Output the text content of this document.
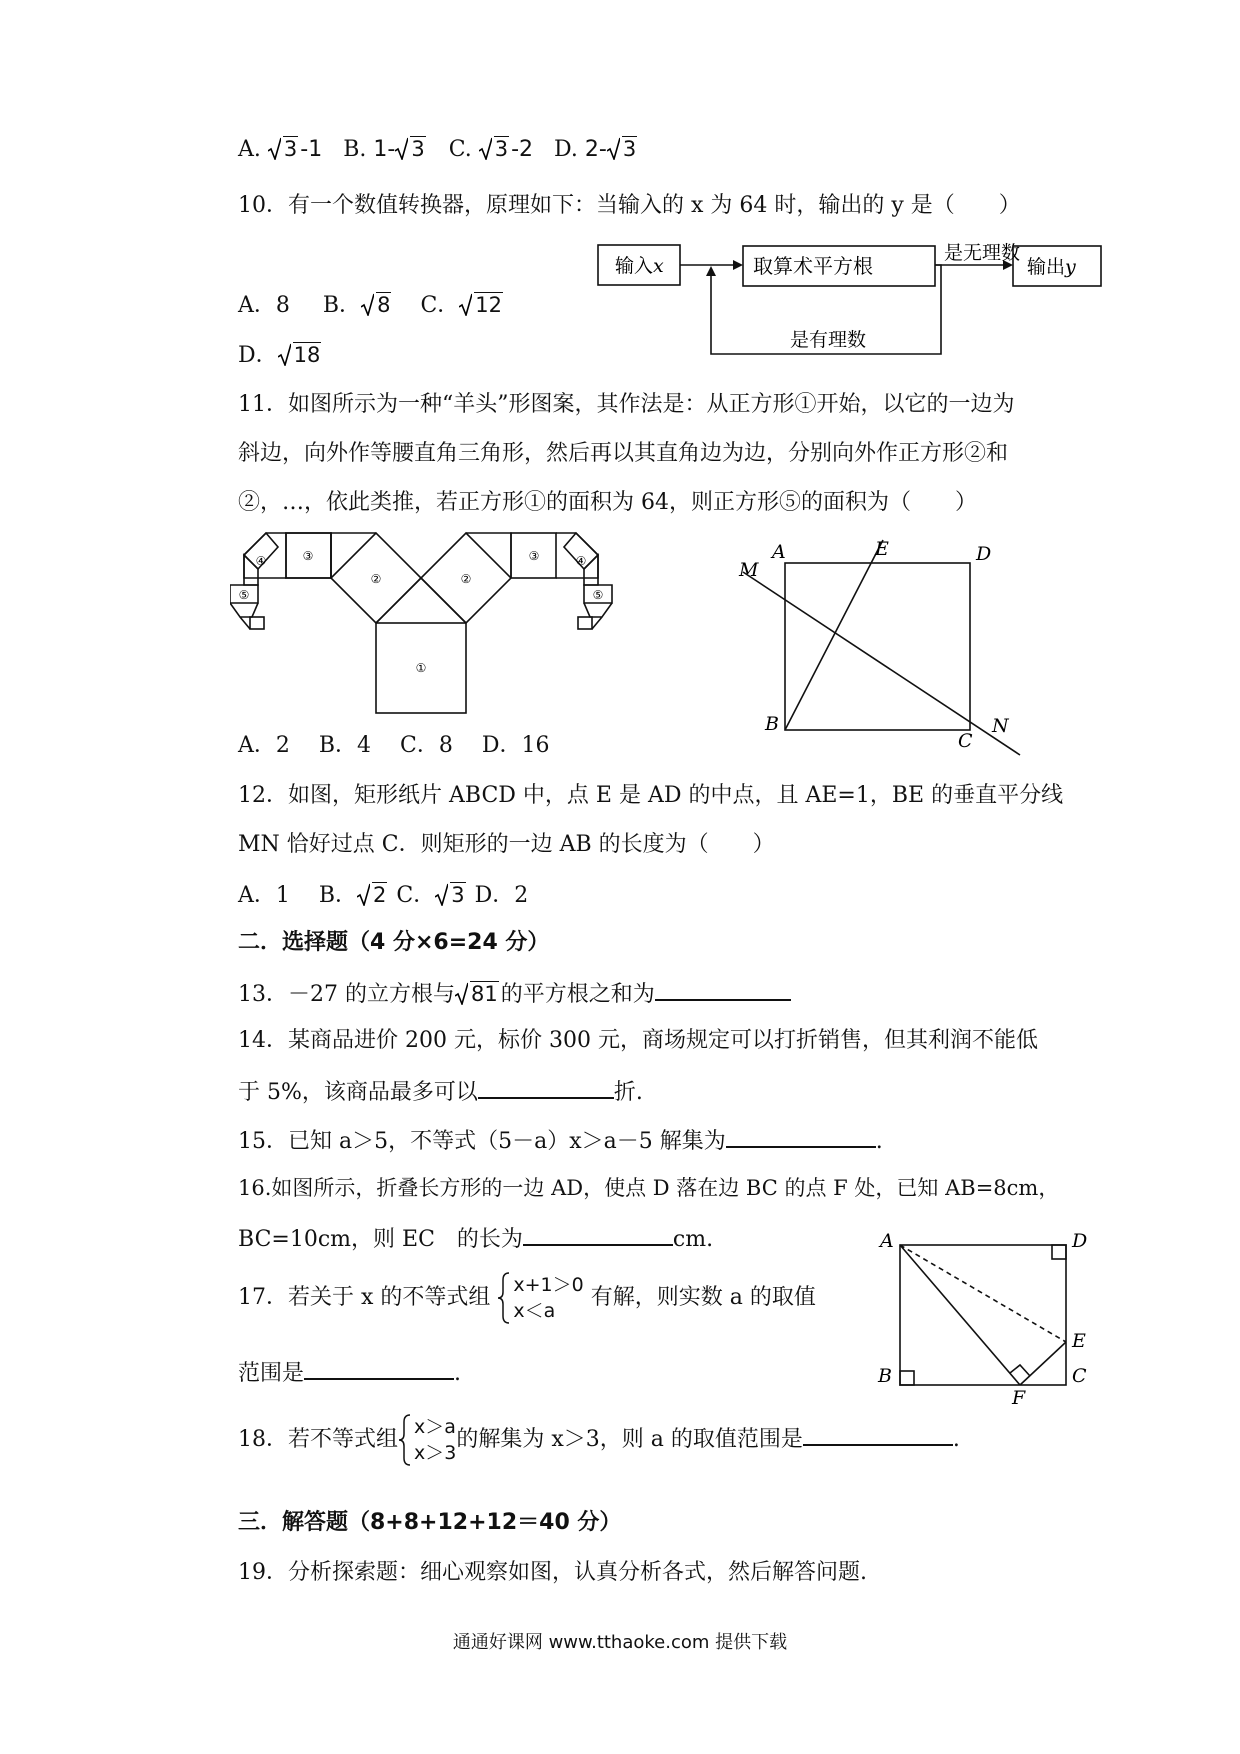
A. 3 -1 B. 1- 3 C. 3 -2 D. 2- 3
10．有一个数值转换器，原理如下：当输入的 x 为 64 时，输出的 y 是（　　）
输入x	取算术平方根
是无理数
输出y
是有理数
A．8 B． 8 C． 12
D． 18
11．如图所示为一种“羊头”形图案，其作法是：从正方形①开始，以它的一边为
斜边，向外作等腰直角三角形，然后再以其直角边为边，分别向外作正方形②和
②，…，依此类推，若正方形①的面积为 64，则正方形⑤的面积为（　　）
①
②	②
③	③
④	④
⑤	⑤
A	E	D
M
B
C
N
A．2　 B．4　 C．8　 D．16
12．如图，矩形纸片 ABCD 中，点 E 是 AD 的中点，且 AE=1，BE 的垂直平分线
MN 恰好过点 C．则矩形的一边 AB 的长度为（　　）
A．1　 B． 2 C． 3 D．2
二．选择题（4 分×6=24 分）
13．－27 的立方根与 81 的平方根之和为
14．某商品进价 200 元，标价 300 元，商场规定可以打折销售，但其利润不能低
于 5%，该商品最多可以	折.
15．已知 a＞5，不等式（5－a）x＞a－5 解集为	.
16.如图所示，折叠长方形的一边 AD，使点 D 落在边 BC 的点 F 处，已知 AB=8cm，
BC=10cm，则 EC　的长为	cm.	A	D
E
B	C
F
17．若关于 x 的不等式组 x+1＞0
x＜a
有解，则实数 a 的取值
范围是	.
18．若不等式组 x＞a
x＞3
的解集为 x＞3，则 a 的取值范围是	.
三．解答题（8+8+12+12＝40 分）
19．分析探索题：细心观察如图，认真分析各式，然后解答问题.
通通好课网 www.tthaoke.com 提供下载
